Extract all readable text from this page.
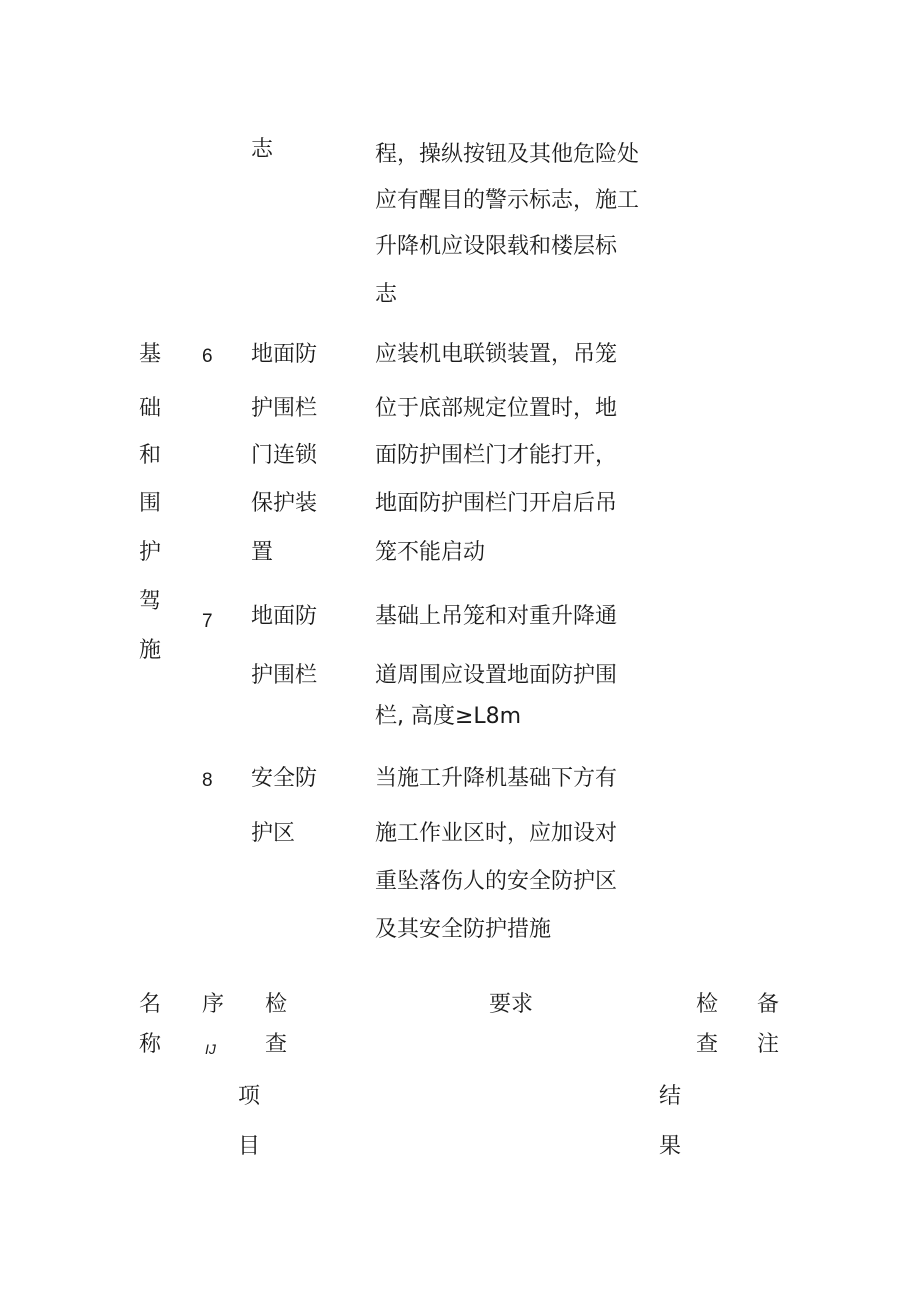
志	程，操纵按钮及其他危险处
应有醒目的警示标志，施工
升降机应设限载和楼层标
志
基
础
和
围
护
驾
施
6 地面防
护围栏
门连锁
保护装
置
应装机电联锁装置，吊笼
位于底部规定位置时，地
面防护围栏门才能打开，
地面防护围栏门开启后吊
笼不能启动
7 地面防
护围栏
基础上吊笼和对重升降通
道周围应设置地面防护围
栏, 高度≥L8m
8 安全防
护区
当施工升降机基础下方有
施工作业区时，应加设对
重坠落伤人的安全防护区
及其安全防护措施
名
称
序
IJ
检
查
项
目
要求	检
查
结
果
备
注
